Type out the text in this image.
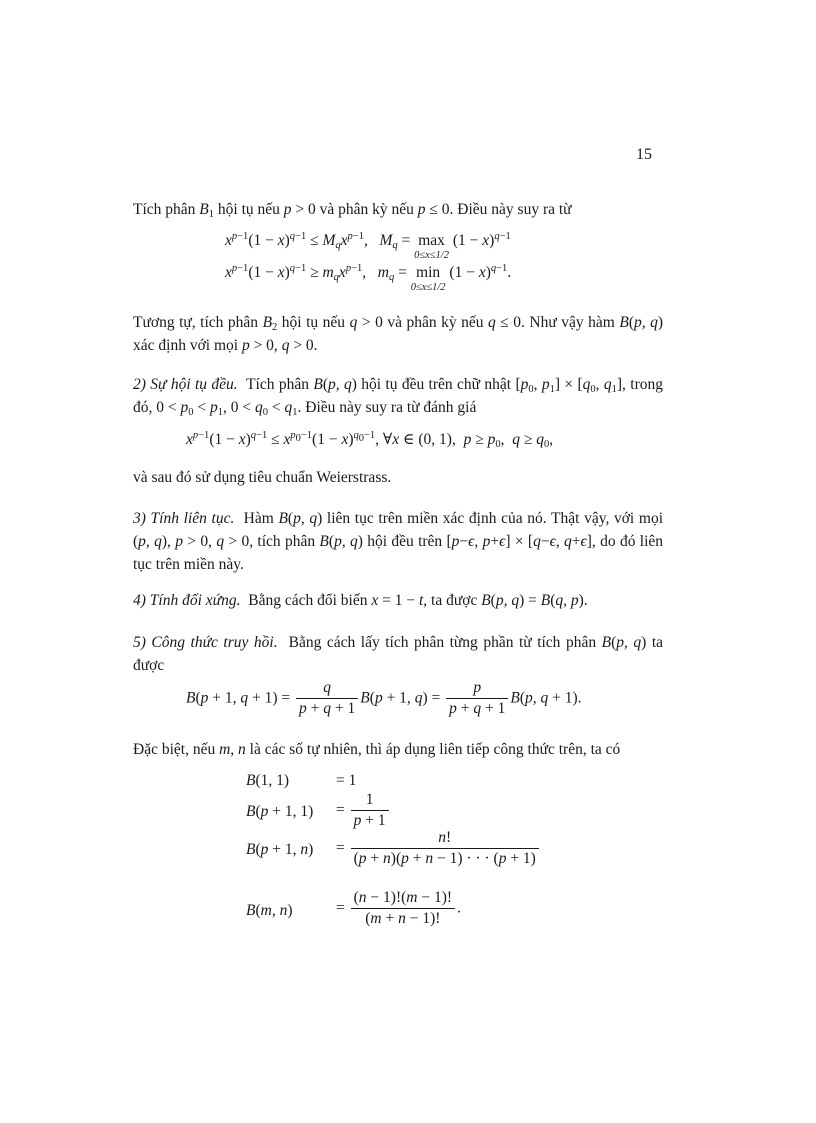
15
Tích phân $B_1$ hội tụ nếu p > 0 và phân kỳ nếu p ≤ 0. Điều này suy ra từ
$x^{p-1}(1 - x)^{q-1} \le M_qx^{p-1}$,   $M_q = \max$
0≤x≤1/2
$(1 - x)^{q-1}$
$x^{p-1}(1 - x)^{q-1} \ge m_qx^{p-1}$,   $m_q = \min$
0≤x≤1/2
$(1 - x)^{q-1}$.
Tương tự, tích phân $B_2$ hội tụ nếu q > 0 và phân kỳ nếu q ≤ 0. Như vậy hàm B(p, q) xác định với mọi p > 0, q > 0.
2) Sự hội tụ đều. Tích phân B(p, q) hội tụ đều trên chữ nhật [$p_0$, $p_1] \times [q_0$, $q_1$], trong đó, $0 < p_0 < p_1$, $0 < q_0 < q_1$. Điều này suy ra từ đánh giá
$x^{p-1}(1 - x)^{q-1} \le x^{p_0-1}(1 - x)^{q_0-1}$, ∀x ∈ (0, 1),  $p \ge p_0$,  $q \ge q_0$,
và sau đó sử dụng tiêu chuẩn Weierstrass.
3) Tính liên tục. Hàm B(p, q) liên tục trên miền xác định của nó. Thật vậy, với mọi (p, q), p > 0, q > 0, tích phân B(p, q) hội đều trên [p−ϵ, p+ϵ] × [q−ϵ, q+ϵ], do đó liên tục trên miền này.
4) Tính đối xứng. Bằng cách đổi biến x = 1 − t, ta được B(p, q) = B(q, p).
5) Công thức truy hồi. Bằng cách lấy tích phân từng phần từ tích phân B(p, q) ta được
B(p + 1, $q + 1) = \frac{q}{p + q + 1} B(p + 1$, $q) = \frac{p}{p + q + 1} B(p$, q + 1).
Đặc biệt, nếu m, n là các số tự nhiên, thì áp dụng liên tiếp công thức trên, ta có
B(1, 1)	= 1
B(p + 1, $1) = \frac{1}{p + 1}$
B(p + 1, $n) = \frac{n!}{(p + n)(p + n - 1) \cdot \cdot \cdot (p + 1)}$
B(m, n)	= $\frac{(n - 1)!(m - 1)!}{(m + n - 1)!}$ .
